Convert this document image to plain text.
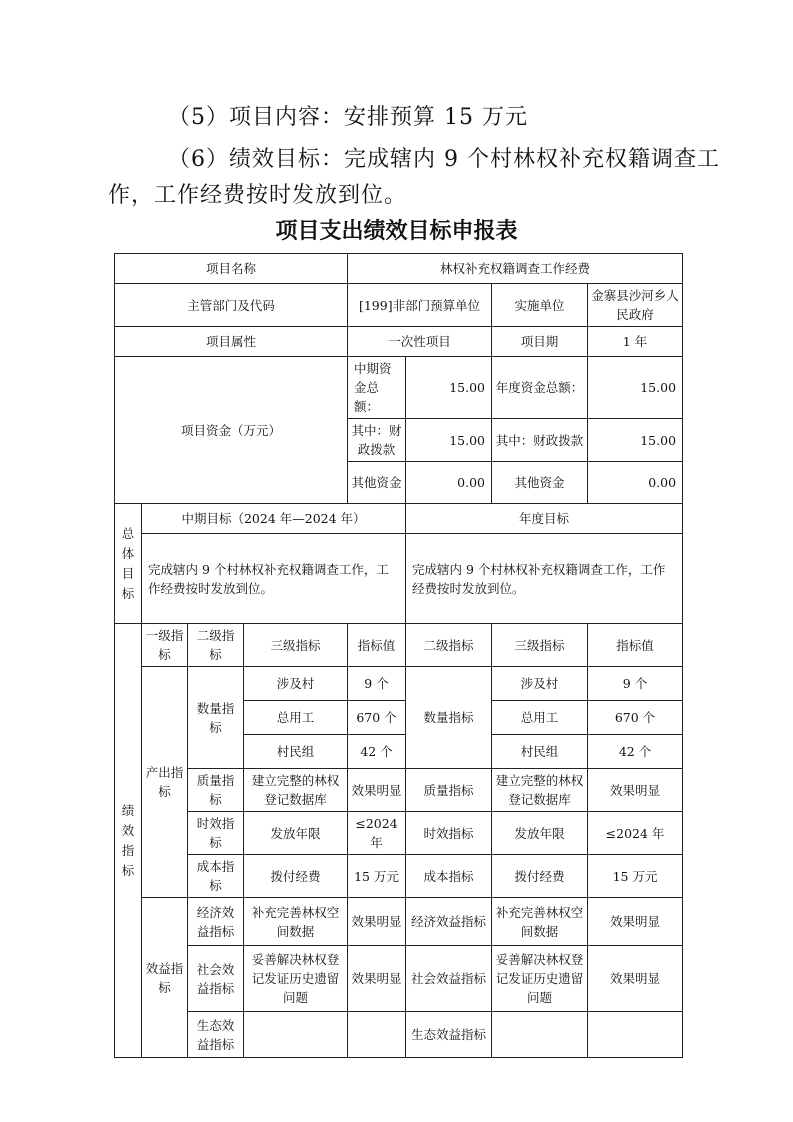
（5）项目内容：安排预算 15 万元
（6）绩效目标：完成辖内 9 个村林权补充权籍调查工
作，工作经费按时发放到位。
项目支出绩效目标申报表
项目名称				林权补充权籍调查工作经费			
主管部门及代码				[199]非部门预算单位		实施单位	金寨县沙河乡人民政府
项目属性				一次性项目		项目期	1 年
项目资金（万元）				中期资金总额：	15.00	年度资金总额：	15.00
				其中：财政拨款	15.00	其中：财政拨款	15.00
				其他资金	0.00	其他资金	0.00
总体目标	中期目标（2024 年—2024 年）				年度目标		
	完成辖内 9 个村林权补充权籍调查工作，工作经费按时发放到位。				完成辖内 9 个村林权补充权籍调查工作，工作经费按时发放到位。		
绩效指标	一级指标	二级指标	三级指标	指标值	二级指标	三级指标	指标值
	产出指标	数量指标	涉及村	9 个	数量指标	涉及村	9 个
			总用工	670 个		总用工	670 个
			村民组	42 个		村民组	42 个
		质量指标	建立完整的林权登记数据库	效果明显	质量指标	建立完整的林权登记数据库	效果明显
		时效指标	发放年限	≤2024 年	时效指标	发放年限	≤2024 年
		成本指标	拨付经费	15 万元	成本指标	拨付经费	15 万元
	效益指标	经济效益指标	补充完善林权空间数据	效果明显	经济效益指标	补充完善林权空间数据	效果明显
		社会效益指标	妥善解决林权登记发证历史遗留问题	效果明显	社会效益指标	妥善解决林权登记发证历史遗留问题	效果明显
		生态效益指标			生态效益指标		
